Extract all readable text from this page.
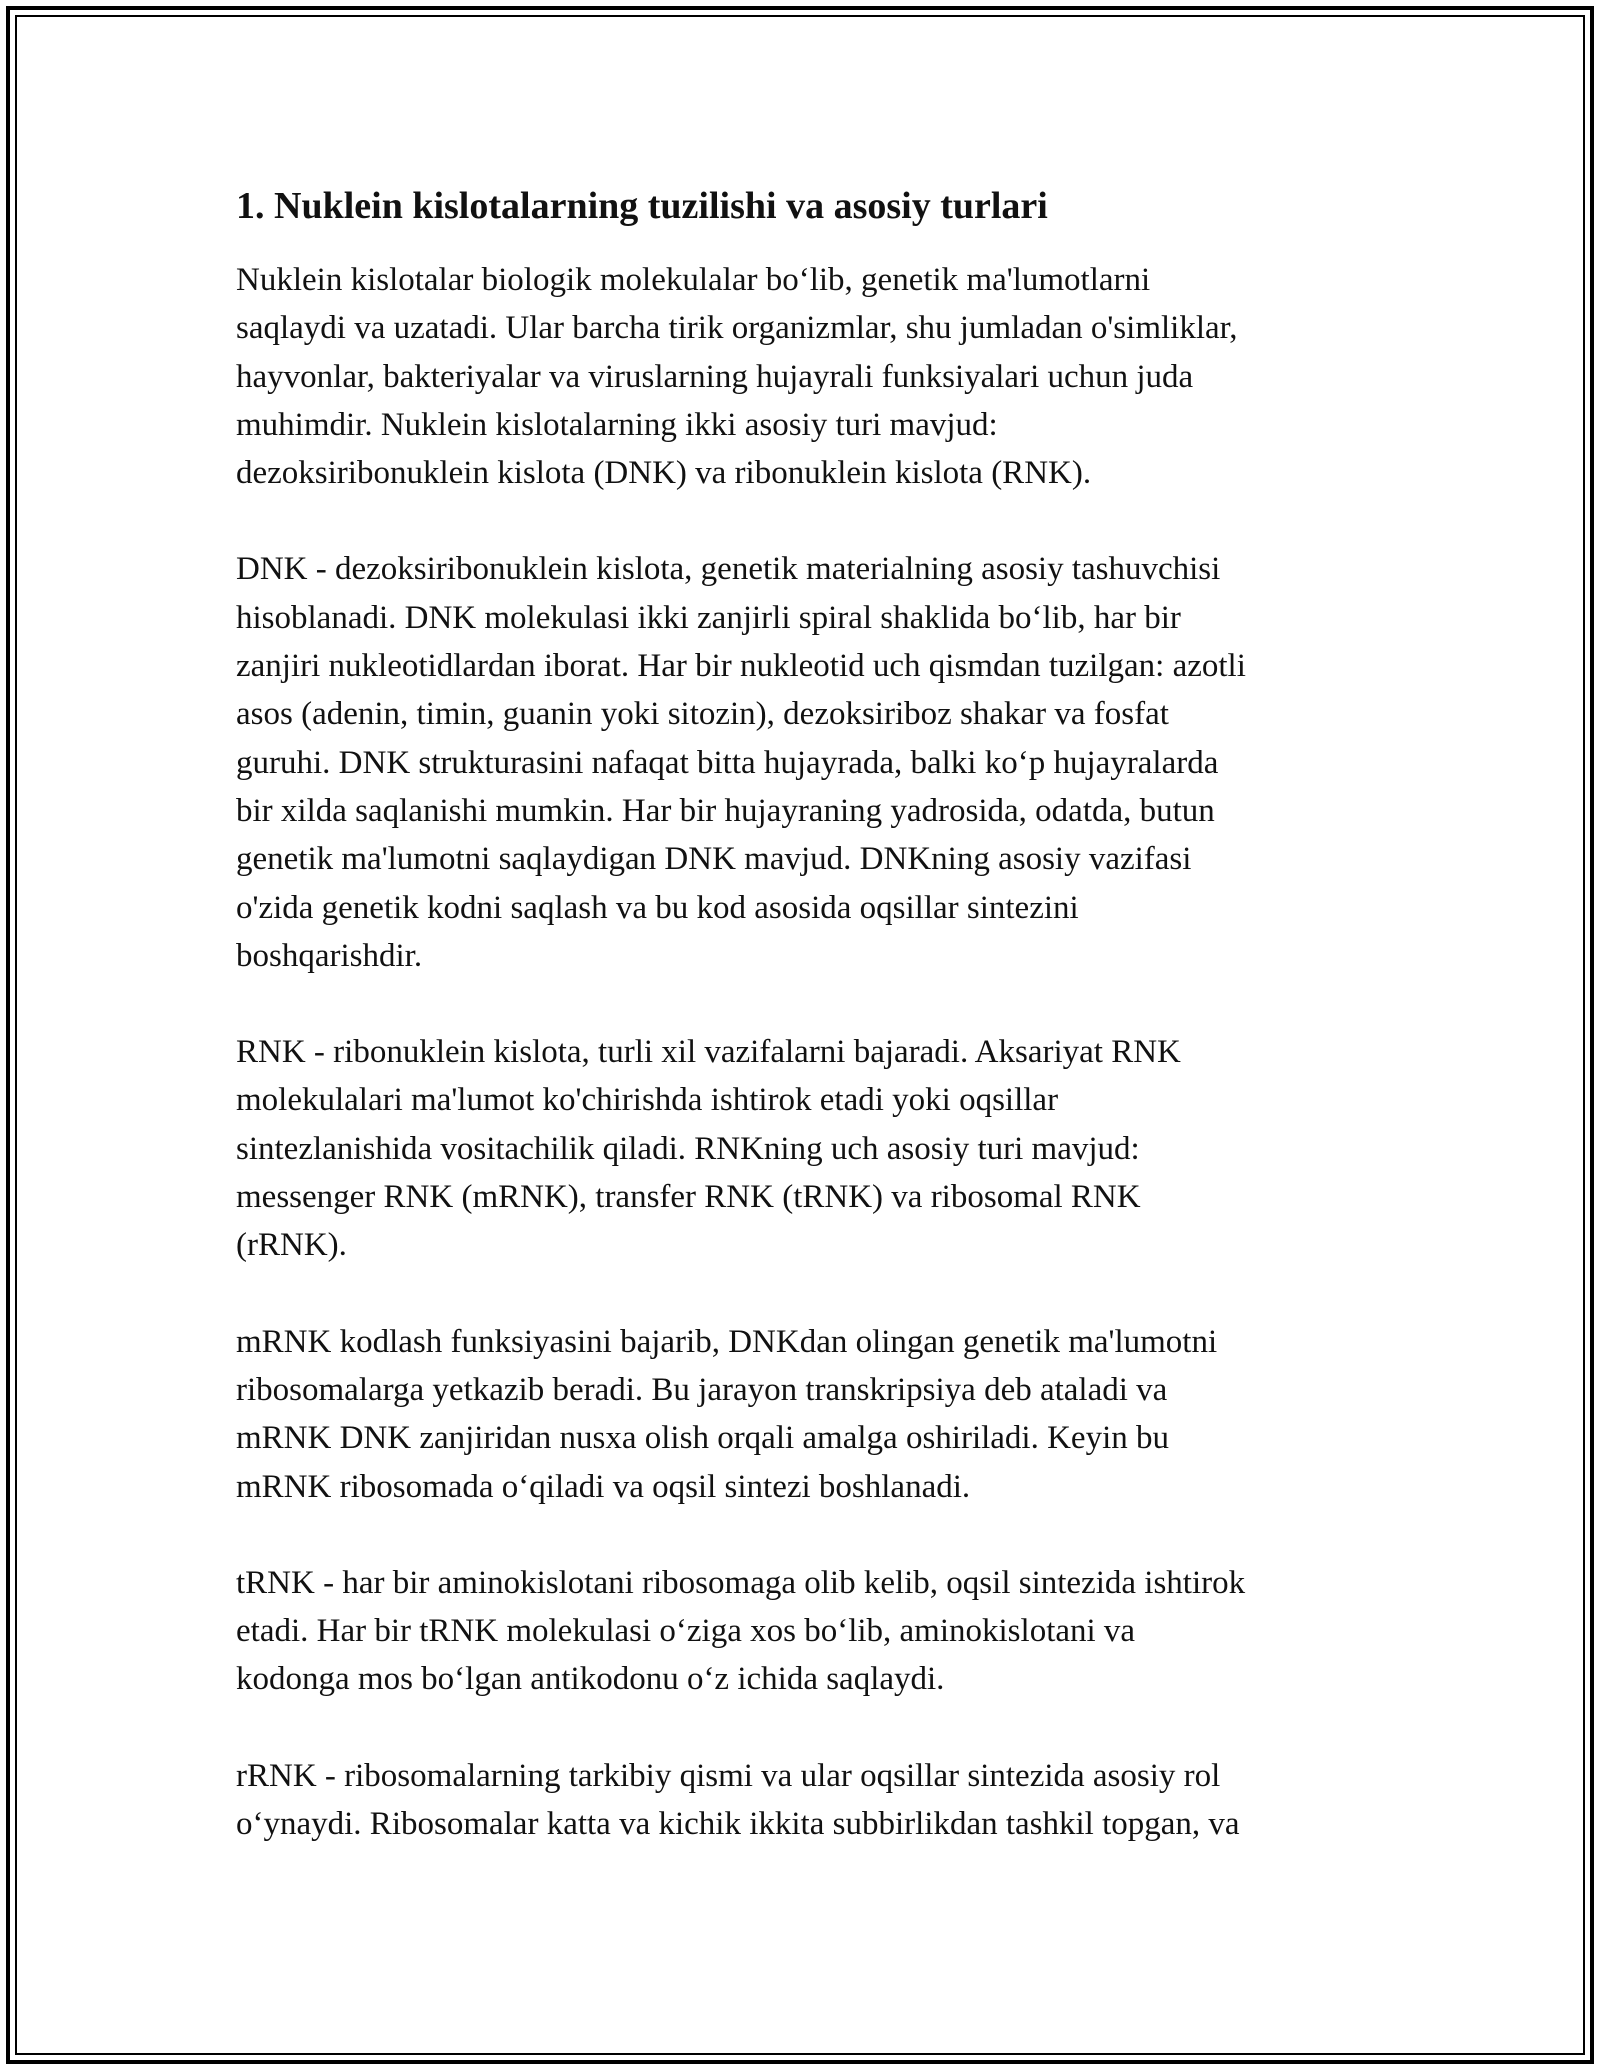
1. Nuklein kislotalarning tuzilishi va asosiy turlari

Nuklein kislotalar biologik molekulalar bo‘lib, genetik ma'lumotlarni
saqlaydi va uzatadi. Ular barcha tirik organizmlar, shu jumladan o'simliklar,
hayvonlar, bakteriyalar va viruslarning hujayrali funksiyalari uchun juda
muhimdir. Nuklein kislotalarning ikki asosiy turi mavjud:
dezoksiribonuklein kislota (DNK) va ribonuklein kislota (RNK).

DNK - dezoksiribonuklein kislota, genetik materialning asosiy tashuvchisi
hisoblanadi. DNK molekulasi ikki zanjirli spiral shaklida bo‘lib, har bir
zanjiri nukleotidlardan iborat. Har bir nukleotid uch qismdan tuzilgan: azotli
asos (adenin, timin, guanin yoki sitozin), dezoksiriboz shakar va fosfat
guruhi. DNK strukturasini nafaqat bitta hujayrada, balki ko‘p hujayralarda
bir xilda saqlanishi mumkin. Har bir hujayraning yadrosida, odatda, butun
genetik ma'lumotni saqlaydigan DNK mavjud. DNKning asosiy vazifasi
o'zida genetik kodni saqlash va bu kod asosida oqsillar sintezini
boshqarishdir.

RNK - ribonuklein kislota, turli xil vazifalarni bajaradi. Aksariyat RNK
molekulalari ma'lumot ko'chirishda ishtirok etadi yoki oqsillar
sintezlanishida vositachilik qiladi. RNKning uch asosiy turi mavjud:
messenger RNK (mRNK), transfer RNK (tRNK) va ribosomal RNK
(rRNK).

mRNK kodlash funksiyasini bajarib, DNKdan olingan genetik ma'lumotni
ribosomalarga yetkazib beradi. Bu jarayon transkripsiya deb ataladi va
mRNK DNK zanjiridan nusxa olish orqali amalga oshiriladi. Keyin bu
mRNK ribosomada o‘qiladi va oqsil sintezi boshlanadi.

tRNK - har bir aminokislotani ribosomaga olib kelib, oqsil sintezida ishtirok
etadi. Har bir tRNK molekulasi o‘ziga xos bo‘lib, aminokislotani va
kodonga mos bo‘lgan antikodonu o‘z ichida saqlaydi.

rRNK - ribosomalarning tarkibiy qismi va ular oqsillar sintezida asosiy rol
o‘ynaydi. Ribosomalar katta va kichik ikkita subbirlikdan tashkil topgan, va
